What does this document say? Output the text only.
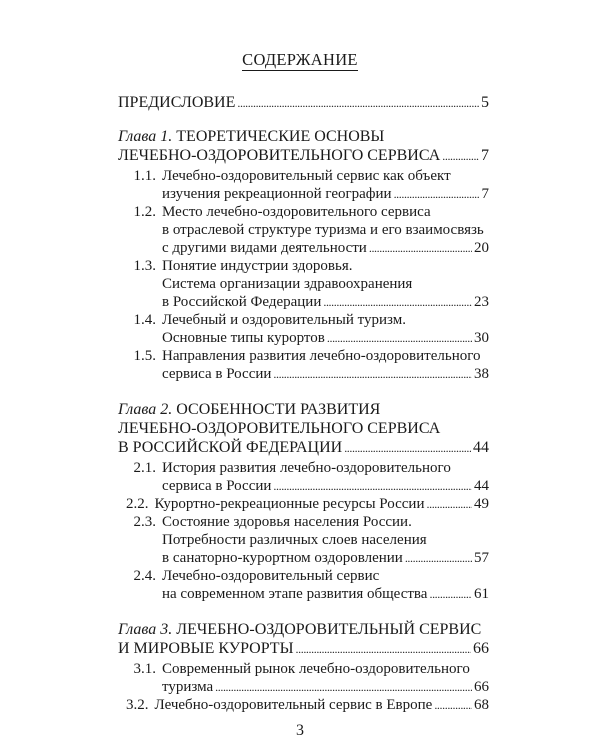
СОДЕРЖАНИЕ
ПРЕДИСЛОВИЕ . . .	5
Глава 1.
ТЕОРЕТИЧЕСКИЕ ОСНОВЫ
ЛЕЧЕБНО-ОЗДОРОВИТЕЛЬНОГО СЕРВИСА . . .	7
1.1. Лечебно-оздоровительный сервис как объект
изучения рекреационной географии . . .	7
1.2. Место лечебно-оздоровительного сервиса
в отраслевой структуре туризма и его взаимосвязь
с другими видами деятельности . . .	20
1.3. Понятие индустрии здоровья.
Система организации здравоохранения
в Российской Федерации . . .	23
1.4. Лечебный и оздоровительный туризм.
Основные типы курортов . . .	30
1.5. Направления развития лечебно-оздоровительного
сервиса в России . . .	38
Глава 2.
ОСОБЕННОСТИ РАЗВИТИЯ
ЛЕЧЕБНО-ОЗДОРОВИТЕЛЬНОГО СЕРВИСА
В РОССИЙСКОЙ ФЕДЕРАЦИИ . . .	44
2.1. История развития лечебно-оздоровительного
сервиса в России . . .	44
2.2. Курортно-рекреационные ресурсы России . . .	49
2.3. Состояние здоровья населения России.
Потребности различных слоев населения
в санаторно-курортном оздоровлении . . .	57
2.4. Лечебно-оздоровительный сервис
на современном этапе развития общества . . .	61
Глава 3.
ЛЕЧЕБНО-ОЗДОРОВИТЕЛЬНЫЙ СЕРВИС
И МИРОВЫЕ КУРОРТЫ . . .	66
3.1. Современный рынок лечебно-оздоровительного
туризма . . .	66
3.2. Лечебно-оздоровительный сервис в Европе . . .	68
3
